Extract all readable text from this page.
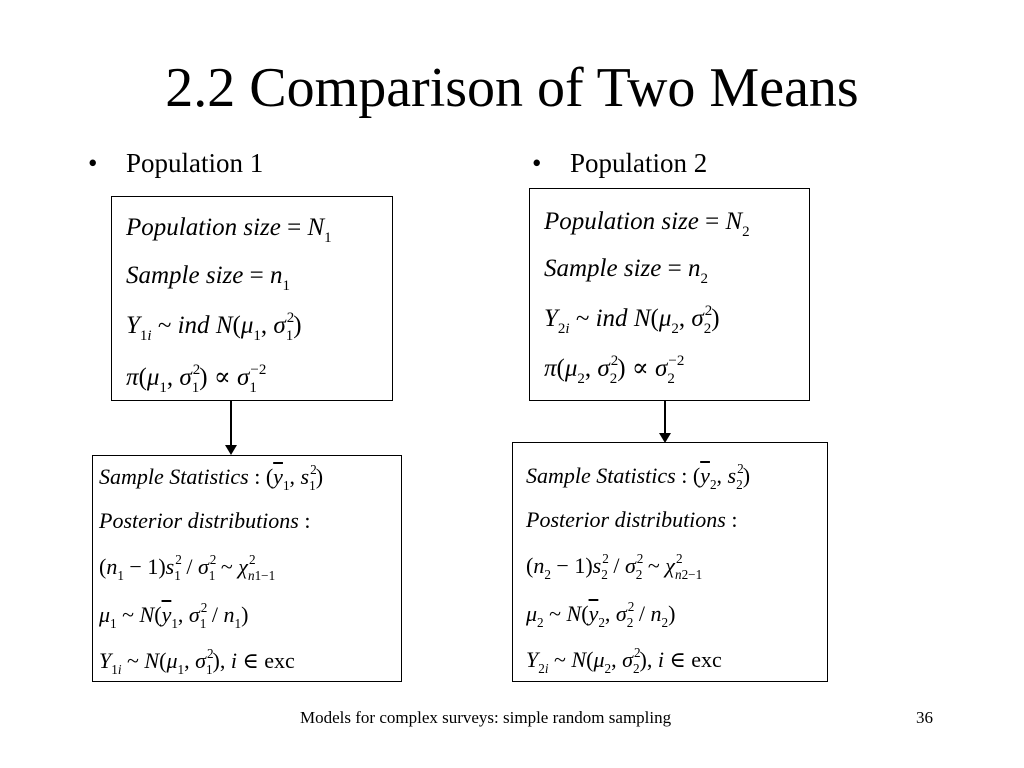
2.2 Comparison of Two Means
• Population 1	• Population 2
Population size = $N_1$
Sample size = $n_1$
$Y_{1i}$ ~ ind $N(\mu_1$, σ 2
$_1$)
$\pi(\mu_1$, σ 2
$_1$) ∝ σ −2
$_1$
Population size = $N_2$
Sample size = $n_2$
$Y_{2i}$ ~ ind $N(\mu_2$, σ 2
$_2$)
$\pi(\mu_2$, σ 2
$_2$) ∝ σ −2
$_2$
Sample Statistics : ($\overline{y}_1$, s 2
$_1$)
Posterior distributions :
$(n_1 - 1)s$ 2
$_1$ / σ 2
$_1$ ~ χ 2
$_{n1-1}$
$\mu_1$ ~ $N(\overline{y}_1$, σ 2
$_1 / n_1$)
$Y_{1i}$ ~ $N(\mu_1$, σ 2
$_1$), i ∈ exc
Sample Statistics : ($\overline{y}_2$, s 2
$_2$)
Posterior distributions :
$(n_2 - 1)s$ 2
$_2$ / σ 2
$_2$ ~ χ 2
$_{n2-1}$
$\mu_2$ ~ $N(\overline{y}_2$, σ 2
$_2 / n_2$)
$Y_{2i}$ ~ $N(\mu_2$, σ 2
$_2$), i ∈ exc
Models for complex surveys: simple random sampling	36
